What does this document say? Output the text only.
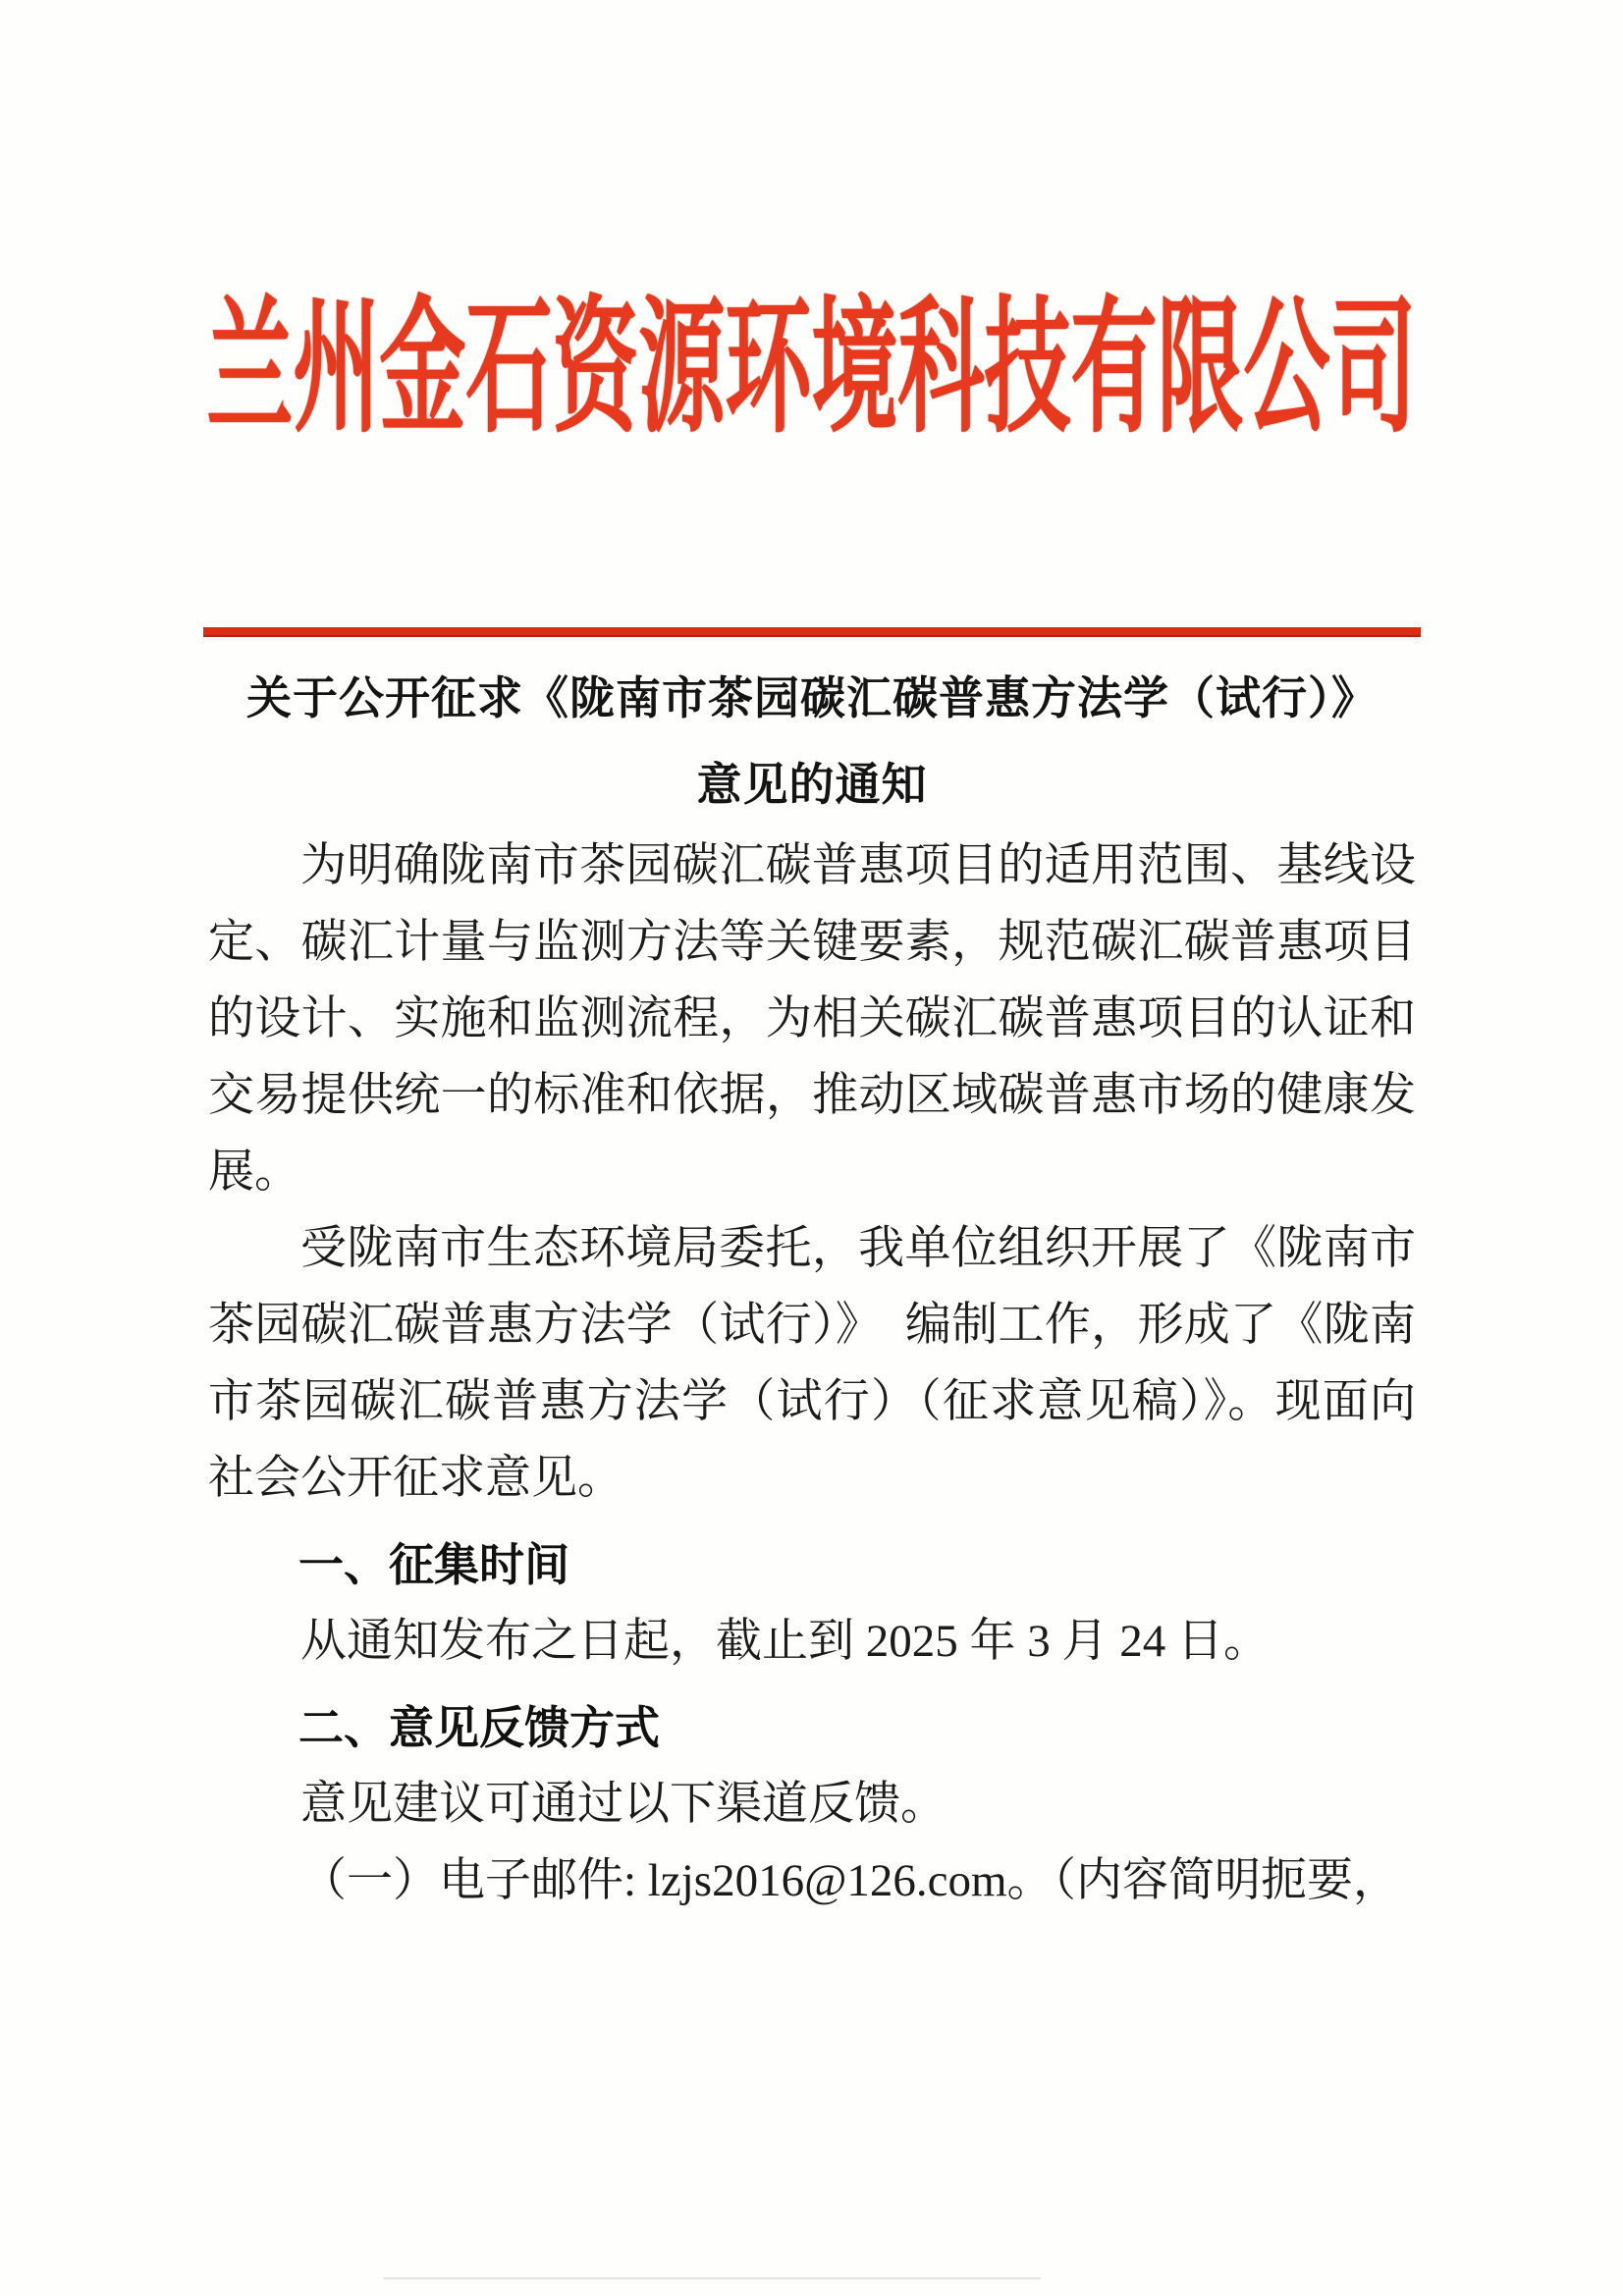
兰州金石资源环境科技有限公司
关于公开征求《陇南市茶园碳汇碳普惠方法学（试行）》
意见的通知

为明确陇南市茶园碳汇碳普惠项目的适用范围、基线设定、碳汇计量与监测方法等关键要素，规范碳汇碳普惠项目的设计、实施和监测流程，为相关碳汇碳普惠项目的认证和交易提供统一的标准和依据，推动区域碳普惠市场的健康发展。

受陇南市生态环境局委托，我单位组织开展了《陇南市茶园碳汇碳普惠方法学（试行）》　编制工作，形成了《陇南市茶园碳汇碳普惠方法学（试行）（征求意见稿）》。现面向社会公开征求意见。

一、征集时间

从通知发布之日起，截止到 2025 年 3 月 24 日。

二、意见反馈方式

意见建议可通过以下渠道反馈。

（一）电子邮件: lzjs2016@126.com。（内容简明扼要，
